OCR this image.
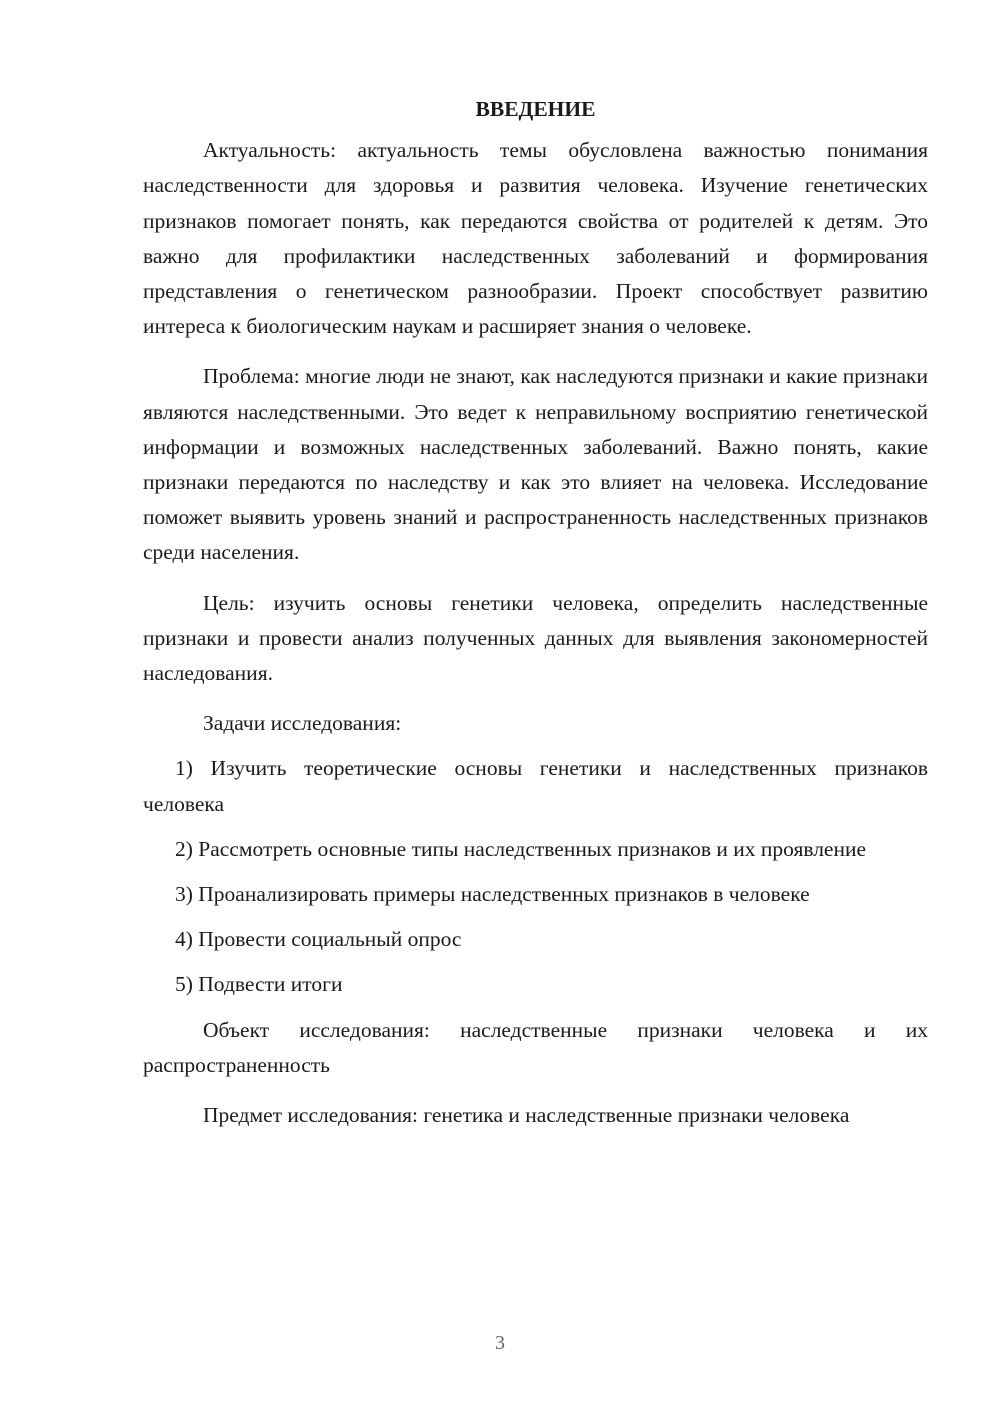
ВВЕДЕНИЕ

Актуальность: актуальность темы обусловлена важностью понимания наследственности для здоровья и развития человека. Изучение генетических признаков помогает понять, как передаются свойства от родителей к детям. Это важно для профилактики наследственных заболеваний и формирования представления о генетическом разнообразии. Проект способствует развитию интереса к биологическим наукам и расширяет знания о человеке.

Проблема: многие люди не знают, как наследуются признаки и какие признаки являются наследственными. Это ведет к неправильному восприятию генетической информации и возможных наследственных заболеваний. Важно понять, какие признаки передаются по наследству и как это влияет на человека. Исследование поможет выявить уровень знаний и распространенность наследственных признаков среди населения.

Цель: изучить основы генетики человека, определить наследственные признаки и провести анализ полученных данных для выявления закономерностей наследования.

Задачи исследования:

1) Изучить теоретические основы генетики и наследственных признаков человека

2) Рассмотреть основные типы наследственных признаков и их проявление

3) Проанализировать примеры наследственных признаков в человеке

4) Провести социальный опрос

5) Подвести итоги

Объект исследования: наследственные признаки человека и их распространенность

Предмет исследования: генетика и наследственные признаки человека

3
